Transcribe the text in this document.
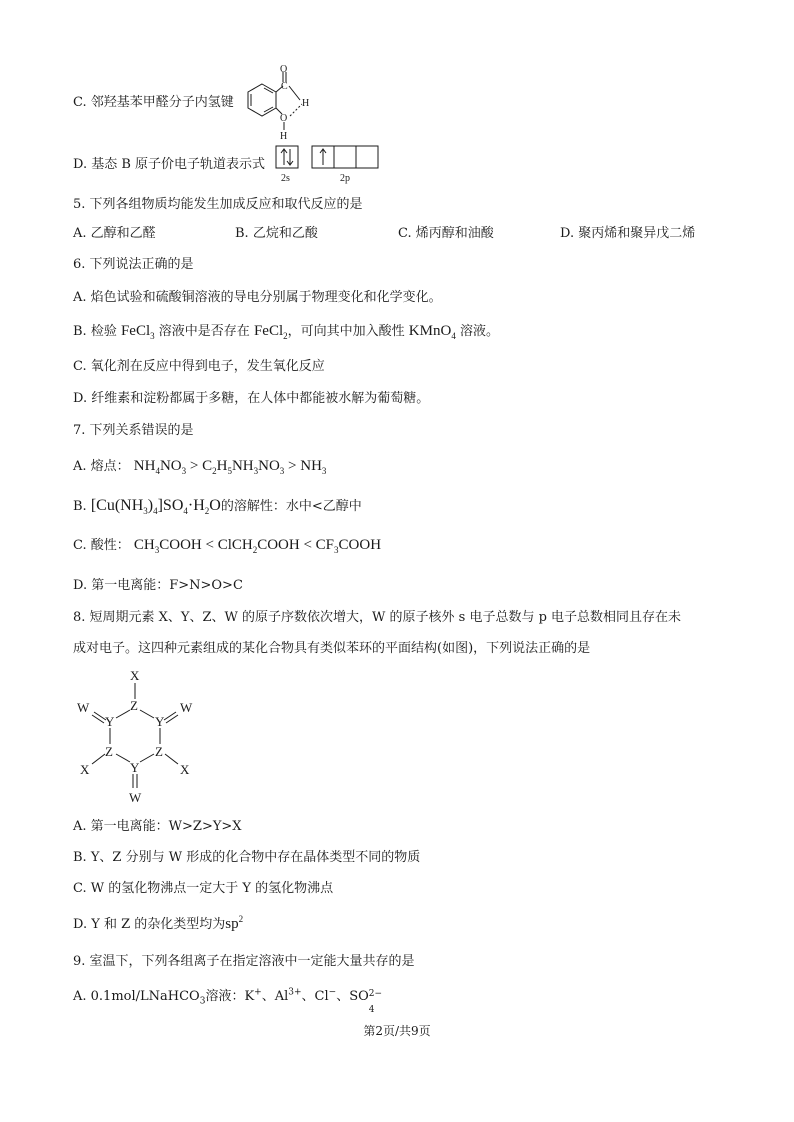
C. 邻羟基苯甲醛分子内氢键
O
C
H
O
H
D. 基态 B 原子价电子轨道表示式
2s	2p
5. 下列各组物质均能发生加成反应和取代反应的是
A. 乙醇和乙醛	B. 乙烷和乙酸	C. 烯丙醇和油酸	D. 聚丙烯和聚异戊二烯
6. 下列说法正确的是
A. 焰色试验和硫酸铜溶液的导电分别属于物理变化和化学变化。
B. 检验 FeCl$_3$ 溶液中是否存在 FeCl$_2$，可向其中加入酸性 KMnO$_4$ 溶液。
C. 氧化剂在反应中得到电子，发生氧化反应
D. 纤维素和淀粉都属于多糖，在人体中都能被水解为葡萄糖。
7. 下列关系错误的是
A. 熔点： $NH_4NO_3 > C_2H_5NH_3NO_3 > NH_3$
B. $[Cu(NH_3)_4]SO_4\cdot H_2O$的溶解性：水中<乙醇中
C. 酸性： $CH_3COOH$ < ClCH$_2$COOH < $CF_3COOH$
D. 第一电离能：F>N>O>C
8. 短周期元素 X、Y、Z、W 的原子序数依次增大，W 的原子核外 s 电子总数与 p 电子总数相同且存在未
成对电子。这四种元素组成的某化合物具有类似苯环的平面结构(如图)，下列说法正确的是
X
Z
Y	Y
W	W
Z	Z
X	X
Y
W
A. 第一电离能：W>Z>Y>X
B. Y、Z 分别与 W 形成的化合物中存在晶体类型不同的物质
C. W 的氢化物沸点一定大于 Y 的氢化物沸点
D. Y 和 Z 的杂化类型均为$sp^2$
9. 室温下，下列各组离子在指定溶液中一定能大量共存的是
A. 0.1mol/LNaHCO$_3$溶液：K+、$Al^{3+}$、Cl−、SO 2−
4
第2页/共9页
